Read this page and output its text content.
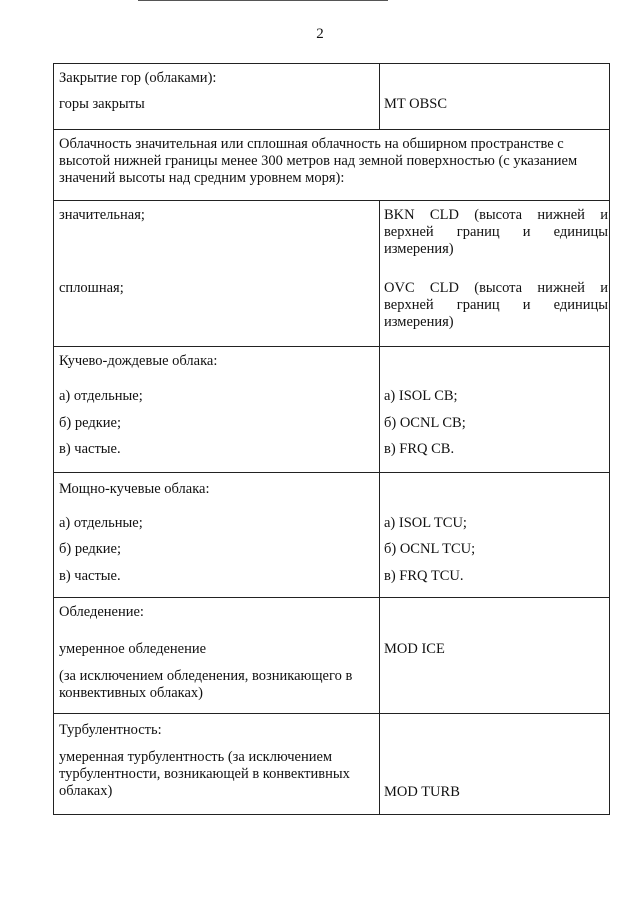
2
Закрытие гор (облаками):
горы закрыты	MT OBSC
Облачность значительная или сплошная облачность на обширном пространстве с высотой нижней границы менее 300 метров над земной поверхностью (с указанием значений высоты над средним уровнем моря):
значительная;	BKN CLD (высота нижней и верхней границ и единицы измерения)
сплошная;	OVC CLD (высота нижней и верхней границ и единицы измерения)
Кучево-дождевые облака:
а) отдельные;	а) ISOL CB;
б) редкие;	б) OCNL CB;
в) частые.	в) FRQ CB.
Мощно-кучевые облака:
а) отдельные;	а) ISOL TCU;
б) редкие;	б) OCNL TCU;
в) частые.	в) FRQ TCU.
Обледенение:
умеренное обледенение	MOD ICE
(за исключением обледенения, возникающего в конвективных облаках)
Турбулентность:
умеренная турбулентность (за исключением турбулентности, возникающей в конвективных облаках)	MOD TURB
